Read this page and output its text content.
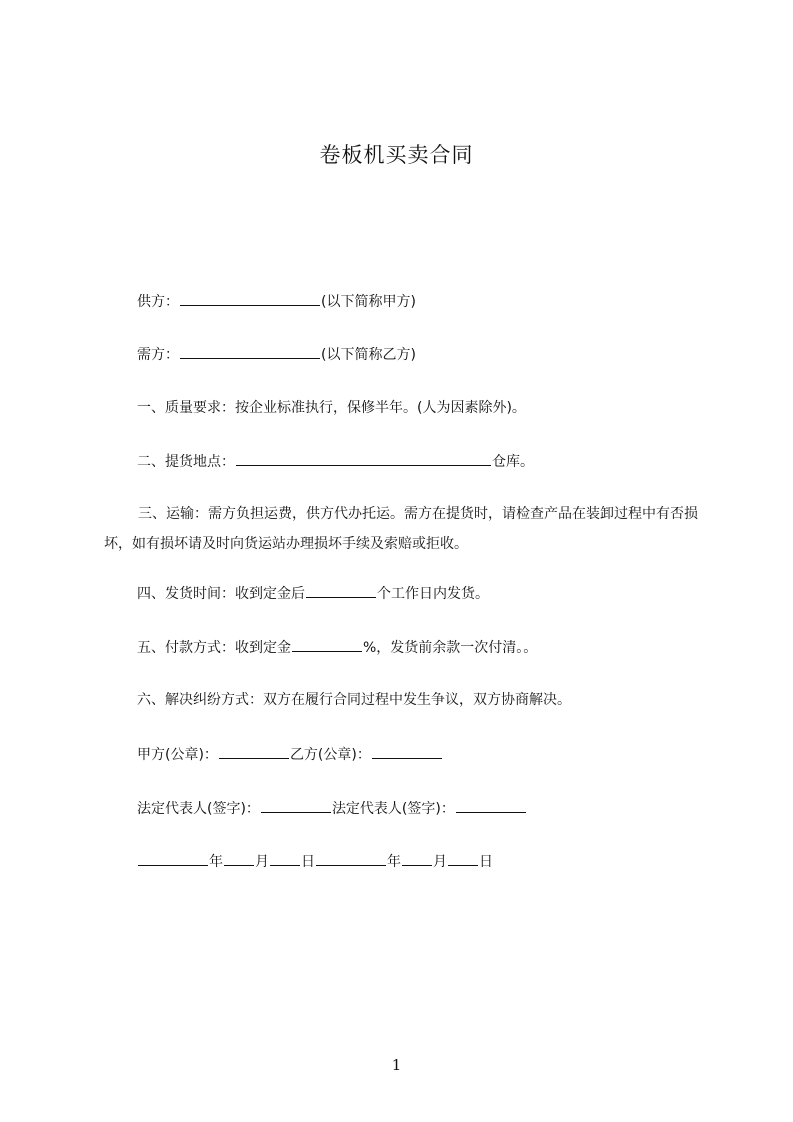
卷板机买卖合同
供方：	(以下简称甲方)
需方：	(以下简称乙方)
一、质量要求：按企业标准执行，保修半年。(人为因素除外)。
二、提货地点：	仓库。
三、运输：需方负担运费，供方代办托运。需方在提货时，请检查产品在装卸过程中有否损坏，如有损坏请及时向货运站办理损坏手续及索赔或拒收。
四、发货时间：收到定金后	个工作日内发货。
五、付款方式：收到定金	%，发货前余款一次付清。。
六、解决纠纷方式：双方在履行合同过程中发生争议，双方协商解决。
甲方(公章)：	乙方(公章)：
法定代表人(签字)：	法定代表人(签字)：
年 月 日	年 月 日
1
